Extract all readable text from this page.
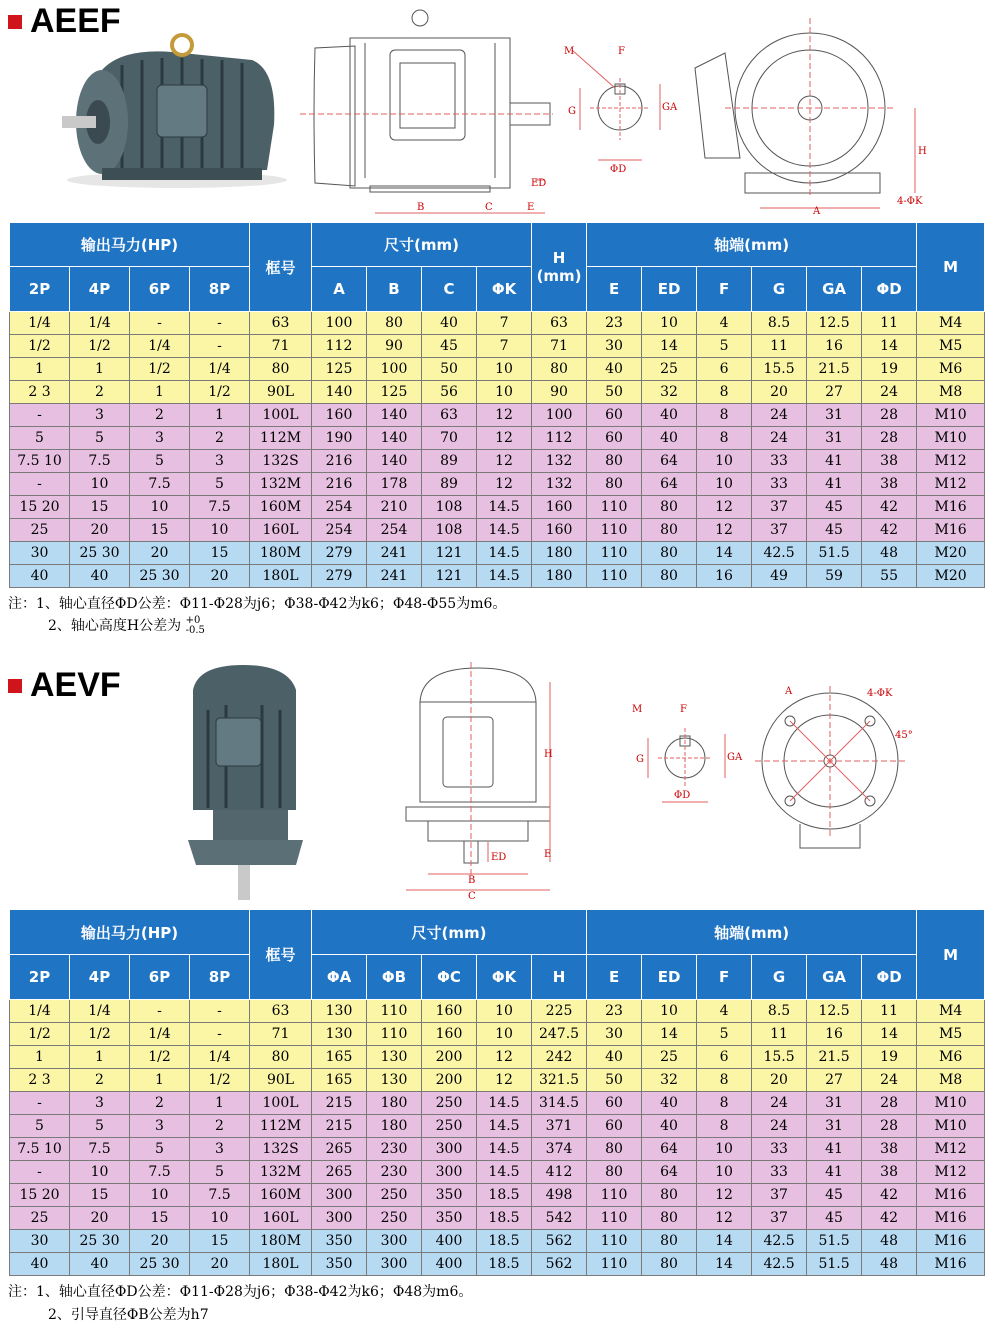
AEEF
B	C	E
ED
M	F
G	GA
ΦD
A
H
4-ΦK
输出马力(HP)				框号	尺寸(mm)				H
(mm)	轴端(mm)						M
2P	4P	6P	8P		A	B	C	ΦK		E	ED	F	G	GA	ΦD	
1/4	1/4	-	-	63	100	80	40	7	63	23	10	4	8.5	12.5	11	M4
1/2	1/2	1/4	-	71	112	90	45	7	71	30	14	5	11	16	14	M5
1	1	1/2	1/4	80	125	100	50	10	80	40	25	6	15.5	21.5	19	M6
2 3	2	1	1/2	90L	140	125	56	10	90	50	32	8	20	27	24	M8
-	3	2	1	100L	160	140	63	12	100	60	40	8	24	31	28	M10
5	5	3	2	112M	190	140	70	12	112	60	40	8	24	31	28	M10
7.5 10	7.5	5	3	132S	216	140	89	12	132	80	64	10	33	41	38	M12
-	10	7.5	5	132M	216	178	89	12	132	80	64	10	33	41	38	M12
15 20	15	10	7.5	160M	254	210	108	14.5	160	110	80	12	37	45	42	M16
25	20	15	10	160L	254	254	108	14.5	160	110	80	12	37	45	42	M16
30	25 30	20	15	180M	279	241	121	14.5	180	110	80	14	42.5	51.5	48	M20
40	40	25 30	20	180L	279	241	121	14.5	180	110	80	16	49	59	55	M20
注：1、轴心直径ΦD公差：Φ11-Φ28为j6；Φ38-Φ42为k6；Φ48-Φ55为m6。
2、轴心高度H公差为 +0
-0.5
AEVF
H
E
ED
B
C
M	F
G	GA
ΦD
A	4-ΦK
45°
输出马力(HP)				框号	尺寸(mm)					轴端(mm)						M
2P	4P	6P	8P		ΦA	ΦB	ΦC	ΦK	H	E	ED	F	G	GA	ΦD	
1/4	1/4	-	-	63	130	110	160	10	225	23	10	4	8.5	12.5	11	M4
1/2	1/2	1/4	-	71	130	110	160	10	247.5	30	14	5	11	16	14	M5
1	1	1/2	1/4	80	165	130	200	12	242	40	25	6	15.5	21.5	19	M6
2 3	2	1	1/2	90L	165	130	200	12	321.5	50	32	8	20	27	24	M8
-	3	2	1	100L	215	180	250	14.5	314.5	60	40	8	24	31	28	M10
5	5	3	2	112M	215	180	250	14.5	371	60	40	8	24	31	28	M10
7.5 10	7.5	5	3	132S	265	230	300	14.5	374	80	64	10	33	41	38	M12
-	10	7.5	5	132M	265	230	300	14.5	412	80	64	10	33	41	38	M12
15 20	15	10	7.5	160M	300	250	350	18.5	498	110	80	12	37	45	42	M16
25	20	15	10	160L	300	250	350	18.5	542	110	80	12	37	45	42	M16
30	25 30	20	15	180M	350	300	400	18.5	562	110	80	14	42.5	51.5	48	M16
40	40	25 30	20	180L	350	300	400	18.5	562	110	80	14	42.5	51.5	48	M16
注：1、轴心直径ΦD公差：Φ11-Φ28为j6；Φ38-Φ42为k6；Φ48为m6。
2、引导直径ΦB公差为h7
